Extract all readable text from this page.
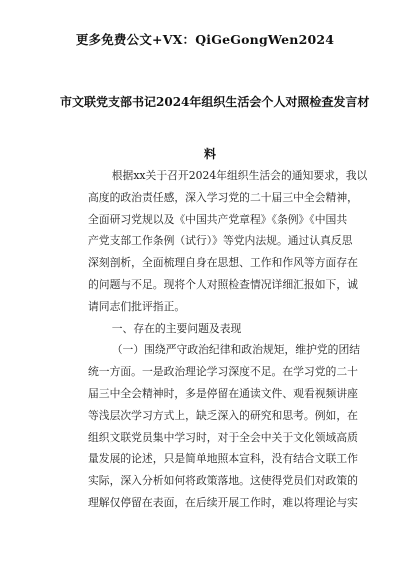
更多免费公文+VX：QiGeGongWen2024
市文联党支部书记2024年组织生活会个人对照检查发言材
料
根据xx关于召开2024年组织生活会的通知要求，我以
高度的政治责任感，深入学习党的二十届三中全会精神，
全面研习党规以及《中国共产党章程》《条例》《中国共
产党支部工作条例（试行）》等党内法规。通过认真反思
深刻剖析，全面梳理自身在思想、工作和作风等方面存在
的问题与不足。现将个人对照检查情况详细汇报如下，诚
请同志们批评指正。
一、存在的主要问题及表现
（一）围绕严守政治纪律和政治规矩，维护党的团结
统一方面。一是政治理论学习深度不足。在学习党的二十
届三中全会精神时，多是停留在通读文件、观看视频讲座
等浅层次学习方式上，缺乏深入的研究和思考。例如，在
组织文联党员集中学习时，对于全会中关于文化领域高质
量发展的论述，只是简单地照本宣科，没有结合文联工作
实际，深入分析如何将政策落地。这使得党员们对政策的
理解仅停留在表面，在后续开展工作时，难以将理论与实
